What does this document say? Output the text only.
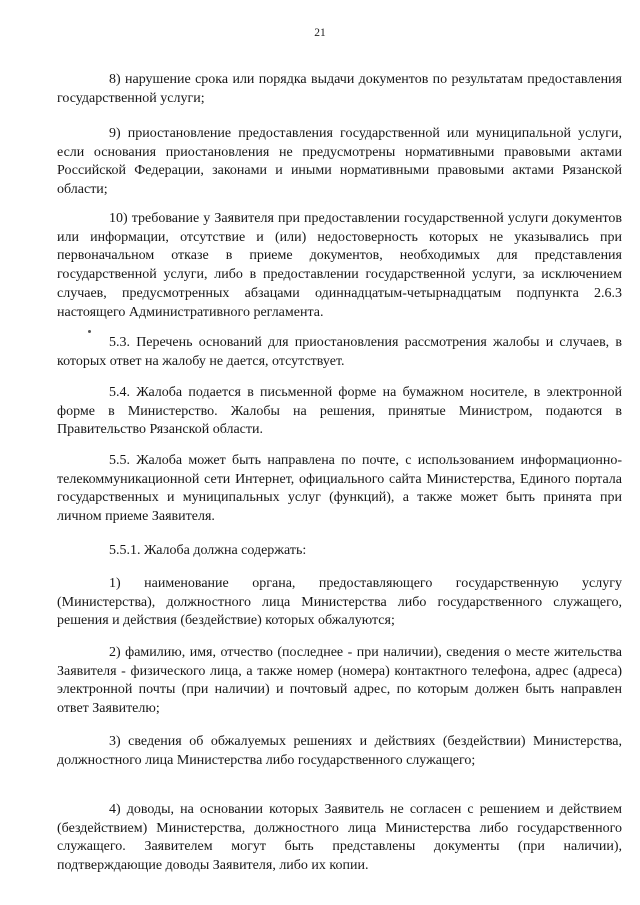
21

8) нарушение срока или порядка выдачи документов по результатам предоставления государственной услуги;

9) приостановление предоставления государственной или муниципальной услуги, если основания приостановления не предусмотрены нормативными правовыми актами Российской Федерации, законами и иными нормативными правовыми актами Рязанской области;

10) требование у Заявителя при предоставлении государственной услуги документов или информации, отсутствие и (или) недостоверность которых не указывались при первоначальном отказе в приеме документов, необходимых для представления государственной услуги, либо в предоставлении государственной услуги, за исключением случаев, предусмотренных абзацами одиннадцатым-четырнадцатым подпункта 2.6.3 настоящего Административного регламента.

5.3. Перечень оснований для приостановления рассмотрения жалобы и случаев, в которых ответ на жалобу не дается, отсутствует.

5.4. Жалоба подается в письменной форме на бумажном носителе, в электронной форме в Министерство. Жалобы на решения, принятые Министром, подаются в Правительство Рязанской области.

5.5. Жалоба может быть направлена по почте, с использованием информационно-телекоммуникационной сети Интернет, официального сайта Министерства, Единого портала государственных и муниципальных услуг (функций), а также может быть принята при личном приеме Заявителя.

5.5.1. Жалоба должна содержать:

1) наименование органа, предоставляющего государственную услугу (Министерства), должностного лица Министерства либо государственного служащего, решения и действия (бездействие) которых обжалуются;

2) фамилию, имя, отчество (последнее - при наличии), сведения о месте жительства Заявителя - физического лица, а также номер (номера) контактного телефона, адрес (адреса) электронной почты (при наличии) и почтовый адрес, по которым должен быть направлен ответ Заявителю;

3) сведения об обжалуемых решениях и действиях (бездействии) Министерства, должностного лица Министерства либо государственного служащего;

4) доводы, на основании которых Заявитель не согласен с решением и действием (бездействием) Министерства, должностного лица Министерства либо государственного служащего. Заявителем могут быть представлены документы (при наличии), подтверждающие доводы Заявителя, либо их копии.
